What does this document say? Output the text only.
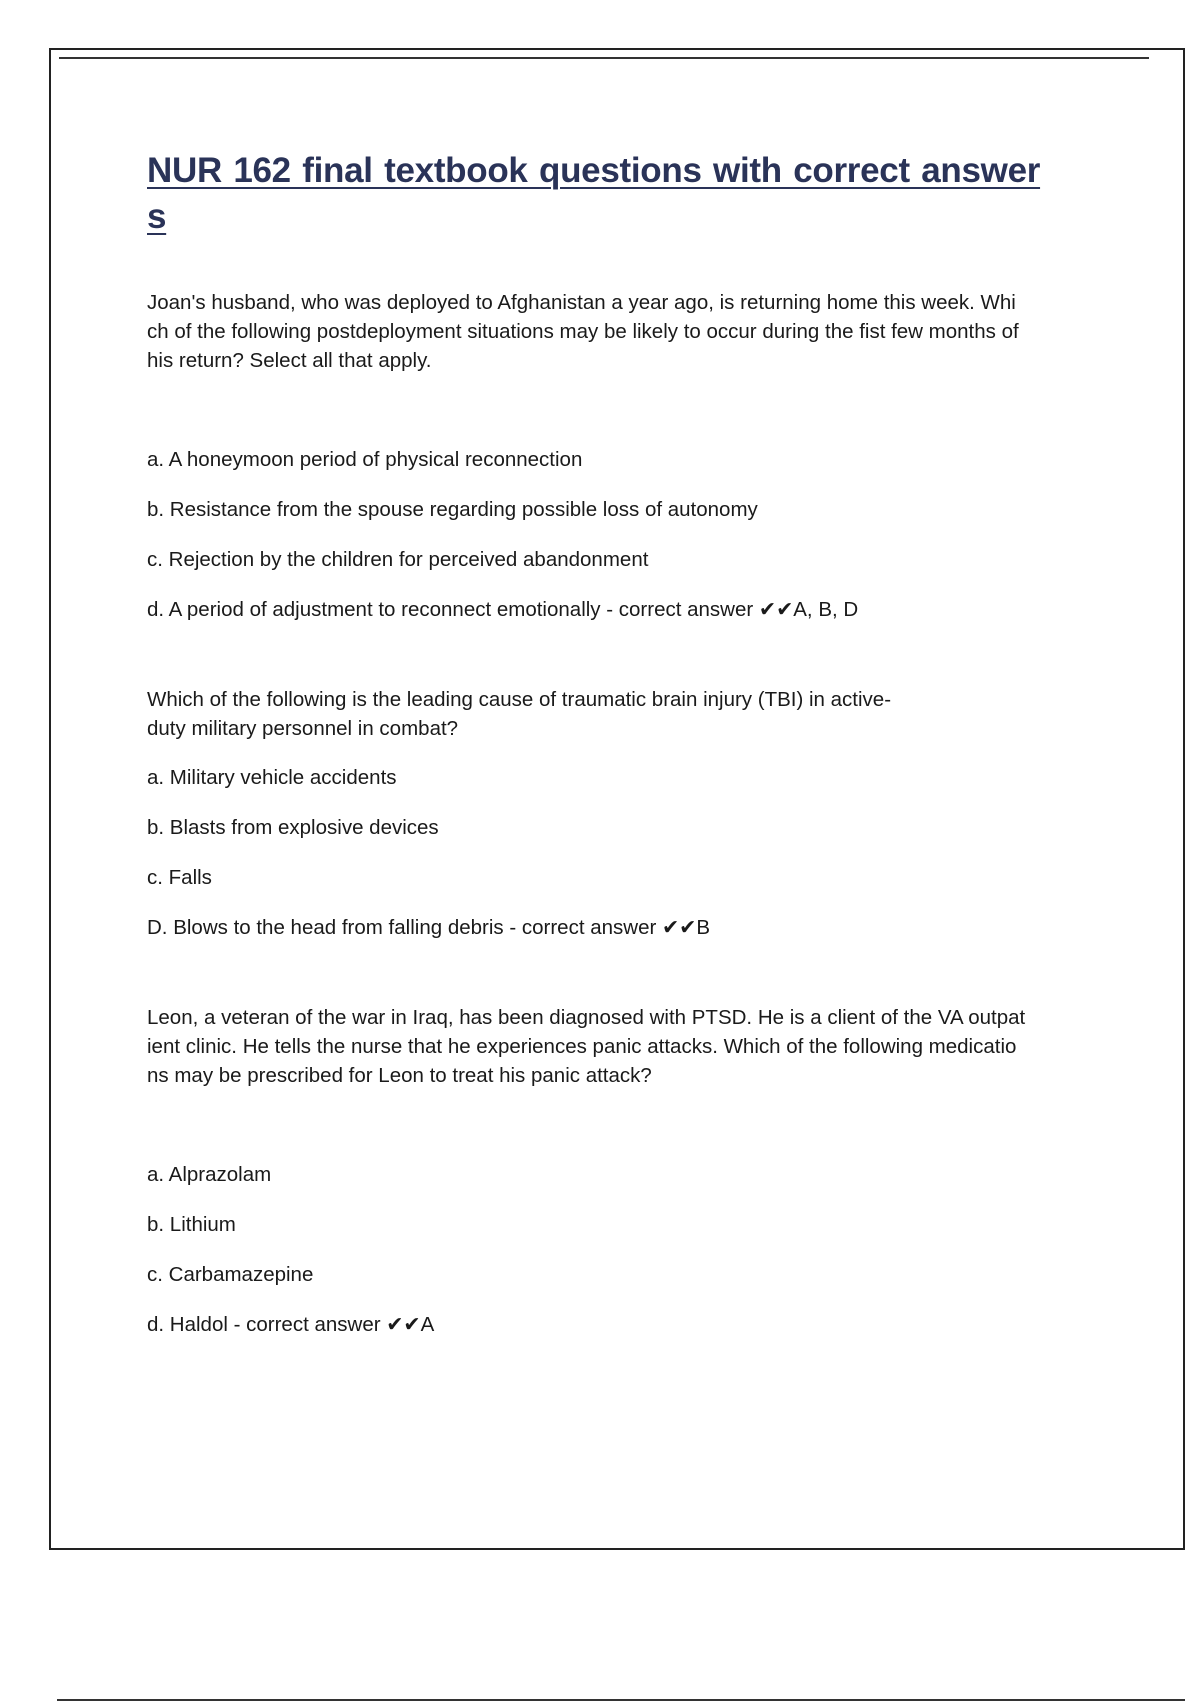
NUR 162 final textbook questions with correct answer
s

Joan's husband, who was deployed to Afghanistan a year ago, is returning home this week. Whi
ch of the following postdeployment situations may be likely to occur during the fist few months of
his return? Select all that apply.

a. A honeymoon period of physical reconnection
b. Resistance from the spouse regarding possible loss of autonomy
c. Rejection by the children for perceived abandonment
d. A period of adjustment to reconnect emotionally - correct answer ✔✔A, B, D

Which of the following is the leading cause of traumatic brain injury (TBI) in active-
duty military personnel in combat?

a. Military vehicle accidents
b. Blasts from explosive devices
c. Falls
D. Blows to the head from falling debris - correct answer ✔✔B

Leon, a veteran of the war in Iraq, has been diagnosed with PTSD. He is a client of the VA outpat
ient clinic. He tells the nurse that he experiences panic attacks. Which of the following medicatio
ns may be prescribed for Leon to treat his panic attack?

a. Alprazolam
b. Lithium
c. Carbamazepine
d. Haldol - correct answer ✔✔A
